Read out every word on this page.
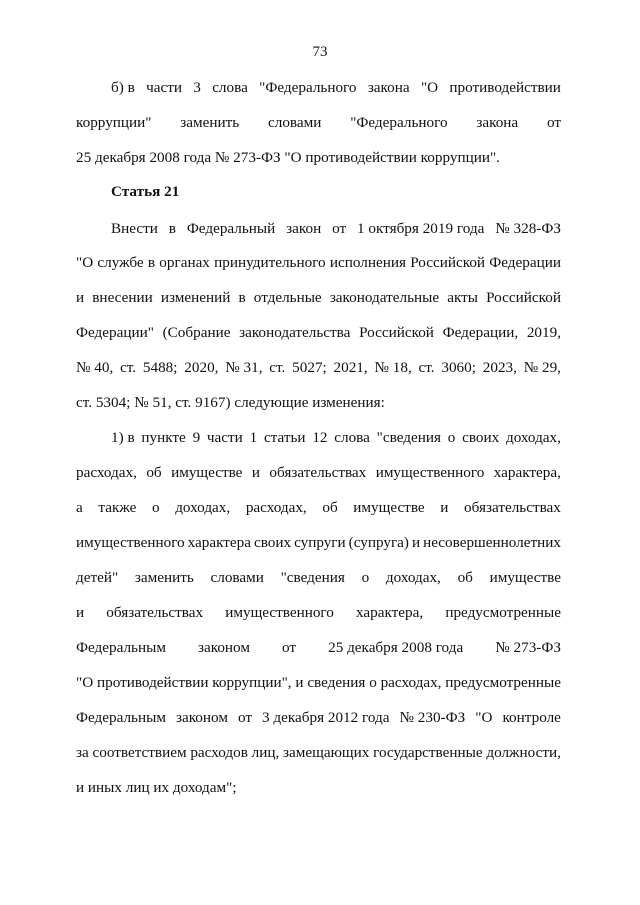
73
б) в части 3 слова "Федерального закона "О противодействии
коррупции" заменить словами "Федерального закона от
25 декабря 2008 года № 273-ФЗ "О противодействии коррупции".
Статья 21
Внести в Федеральный закон от 1 октября 2019 года № 328-ФЗ
"О службе в органах принудительного исполнения Российской Федерации
и внесении изменений в отдельные законодательные акты Российской
Федерации" (Собрание законодательства Российской Федерации, 2019,
№ 40, ст. 5488; 2020, № 31, ст. 5027; 2021, № 18, ст. 3060; 2023, № 29,
ст. 5304; № 51, ст. 9167) следующие изменения:
1) в пункте 9 части 1 статьи 12 слова "сведения о своих доходах,
расходах, об имуществе и обязательствах имущественного характера,
а также о доходах, расходах, об имуществе и обязательствах
имущественного характера своих супруги (супруга) и несовершеннолетних
детей" заменить словами "сведения о доходах, об имуществе
и обязательствах имущественного характера, предусмотренные
Федеральным законом от 25 декабря 2008 года № 273-ФЗ
"О противодействии коррупции", и сведения о расходах, предусмотренные
Федеральным законом от 3 декабря 2012 года № 230-ФЗ "О контроле
за соответствием расходов лиц, замещающих государственные должности,
и иных лиц их доходам";
